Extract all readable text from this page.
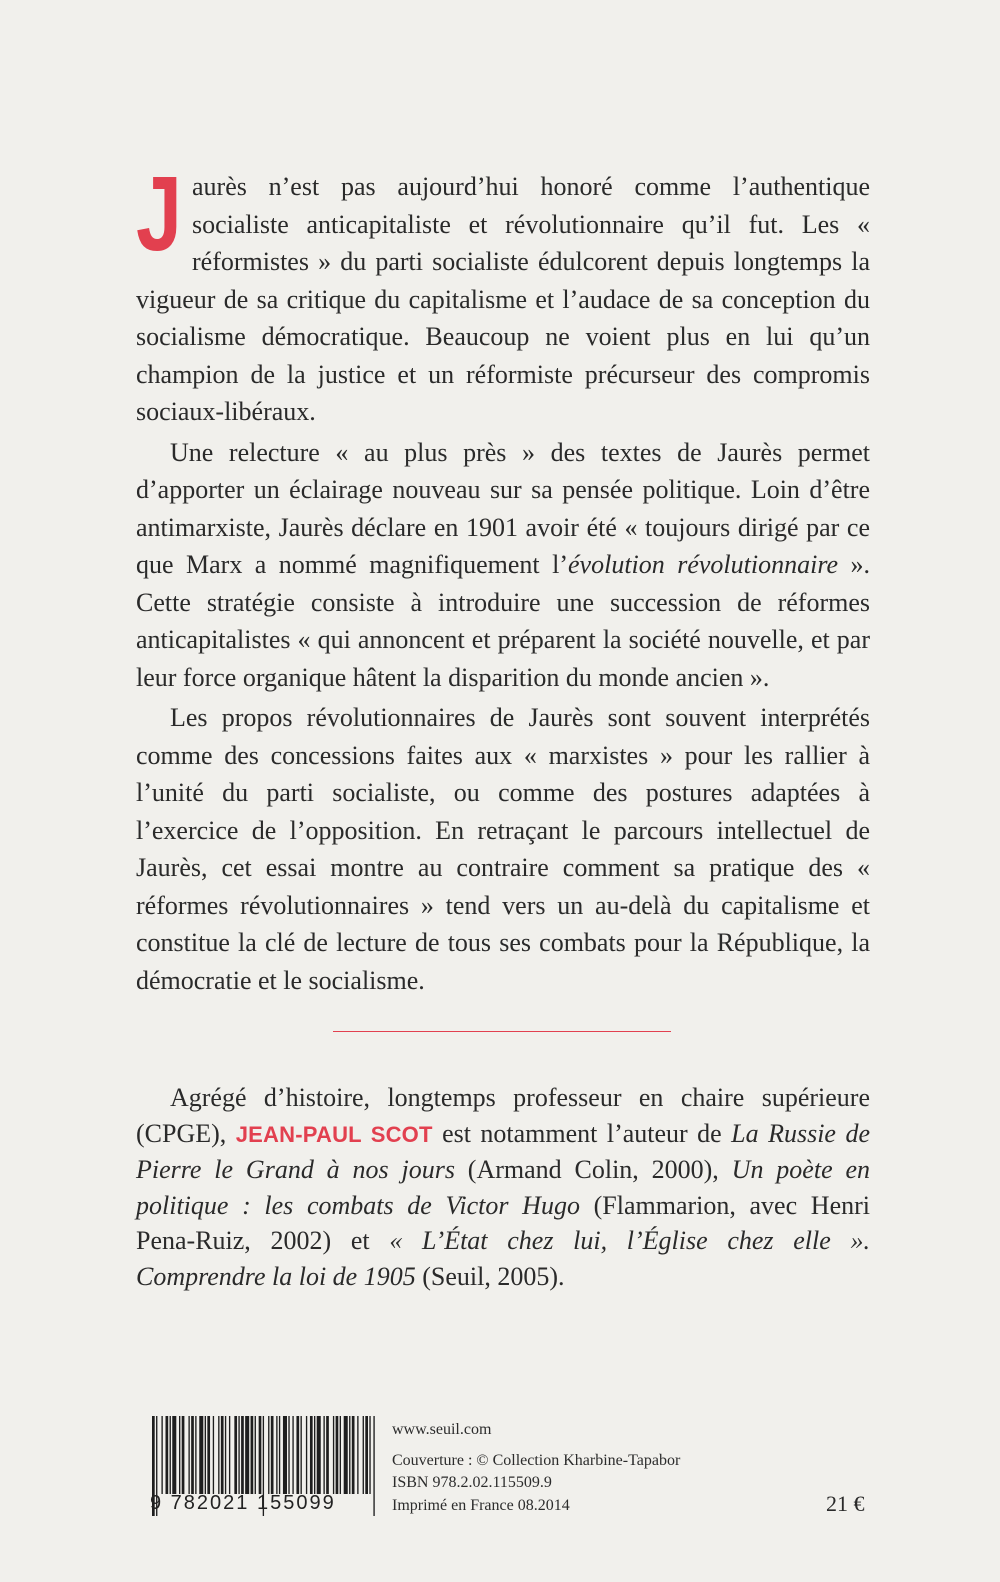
Jaurès n’est pas aujourd’hui honoré comme l’authentique socialiste anticapitaliste et révolutionnaire qu’il fut. Les « réformistes » du parti socialiste édulcorent depuis longtemps la vigueur de sa critique du capitalisme et l’audace de sa conception du socialisme démocratique. Beaucoup ne voient plus en lui qu’un champion de la justice et un réformiste précurseur des compromis sociaux-libéraux.

Une relecture « au plus près » des textes de Jaurès permet d’apporter un éclairage nouveau sur sa pensée politique. Loin d’être antimarxiste, Jaurès déclare en 1901 avoir été « toujours dirigé par ce que Marx a nommé magnifiquement l’évolution révolutionnaire ». Cette stratégie consiste à introduire une succession de réformes anticapitalistes « qui annoncent et préparent la société nouvelle, et par leur force organique hâtent la disparition du monde ancien ».

Les propos révolutionnaires de Jaurès sont souvent interprétés comme des concessions faites aux « marxistes » pour les rallier à l’unité du parti socialiste, ou comme des postures adaptées à l’exercice de l’opposition. En retraçant le parcours intellectuel de Jaurès, cet essai montre au contraire comment sa pratique des « réformes révolutionnaires » tend vers un au-delà du capitalisme et constitue la clé de lecture de tous ses combats pour la République, la démocratie et le socialisme.

Agrégé d’histoire, longtemps professeur en chaire supérieure (CPGE), JEAN-PAUL SCOT est notamment l’auteur de La Russie de Pierre le Grand à nos jours (Armand Colin, 2000), Un poète en politique : les combats de Victor Hugo (Flammarion, avec Henri Pena-Ruiz, 2002) et « L’État chez lui, l’Église chez elle ». Comprendre la loi de 1905 (Seuil, 2005).

9 782021 155099
www.seuil.com
Couverture : © Collection Kharbine-Tapabor
ISBN 978.2.02.115509.9
Imprimé en France 08.2014	21 €
